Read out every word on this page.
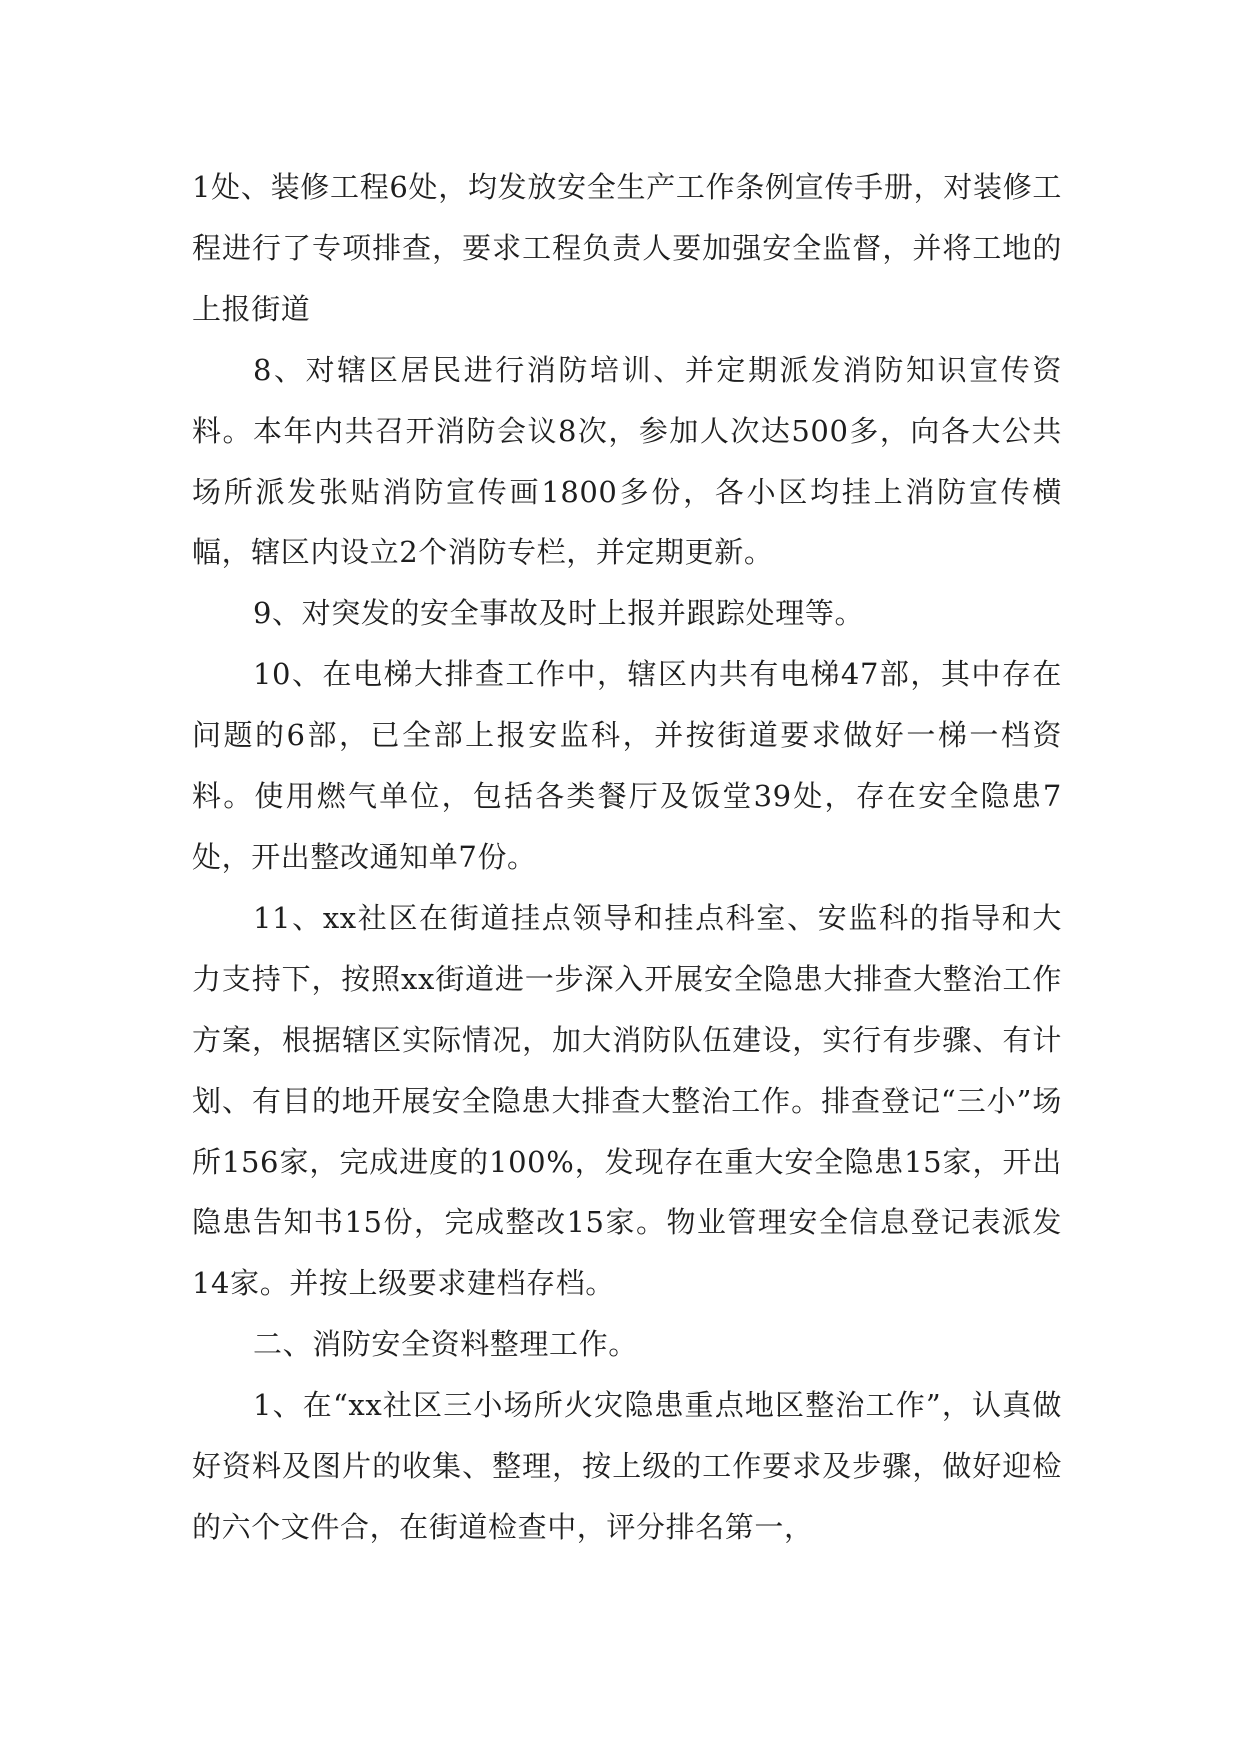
1处、装修工程6处，均发放安全生产工作条例宣传手册，对装修工程进行了专项排查，要求工程负责人要加强安全监督，并将工地的上报街道

8、对辖区居民进行消防培训、并定期派发消防知识宣传资料。本年内共召开消防会议8次，参加人次达500多，向各大公共场所派发张贴消防宣传画1800多份，各小区均挂上消防宣传横幅，辖区内设立2个消防专栏，并定期更新。

9、对突发的安全事故及时上报并跟踪处理等。

10、在电梯大排查工作中，辖区内共有电梯47部，其中存在问题的6部，已全部上报安监科，并按街道要求做好一梯一档资料。使用燃气单位，包括各类餐厅及饭堂39处，存在安全隐患7处，开出整改通知单7份。

11、xx社区在街道挂点领导和挂点科室、安监科的指导和大力支持下，按照xx街道进一步深入开展安全隐患大排查大整治工作方案，根据辖区实际情况，加大消防队伍建设，实行有步骤、有计划、有目的地开展安全隐患大排查大整治工作。排查登记“三小”场所156家，完成进度的100%，发现存在重大安全隐患15家，开出隐患告知书15份，完成整改15家。物业管理安全信息登记表派发14家。并按上级要求建档存档。

二、消防安全资料整理工作。

1、在“xx社区三小场所火灾隐患重点地区整治工作”，认真做好资料及图片的收集、整理，按上级的工作要求及步骤，做好迎检的六个文件合，在街道检查中，评分排名第一，
